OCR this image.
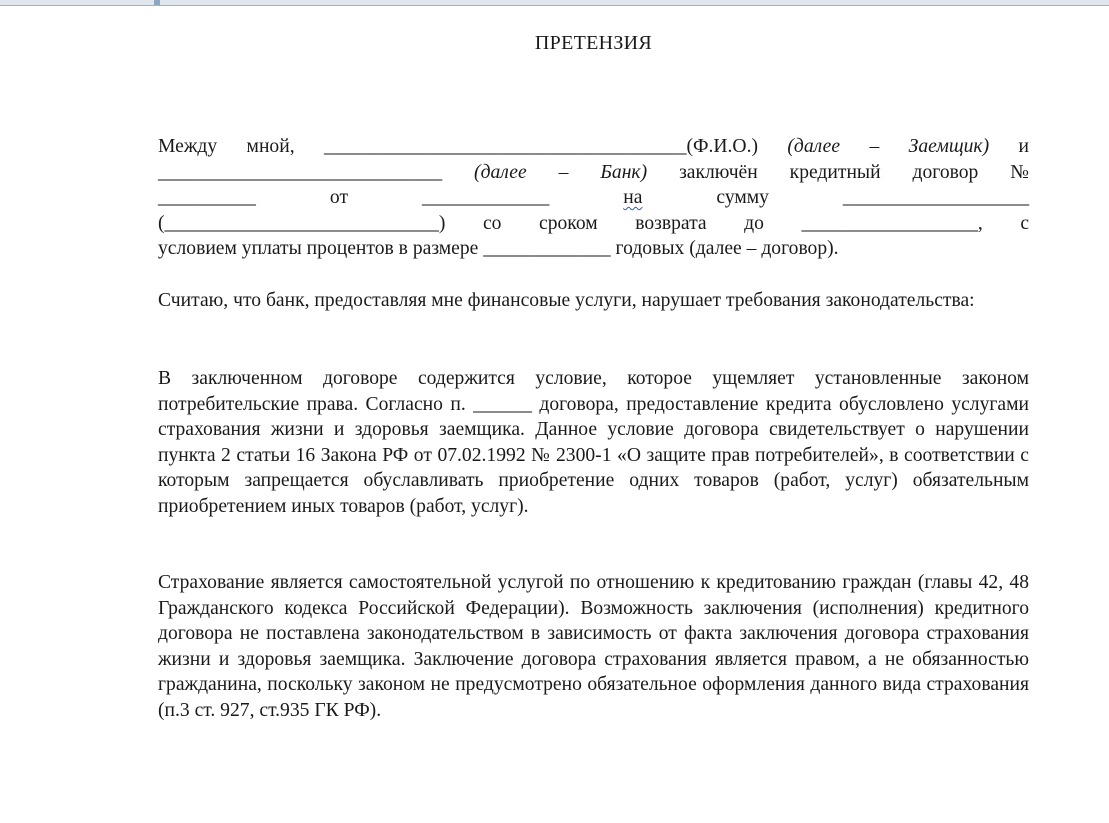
ПРЕТЕНЗИЯ
Между мной, _____________________________________(Ф.И.О.) (далее – Заемщик) и
_____________________________ (далее – Банк) заключён кредитный договор №
__________	от	_____________	на	сумму	___________________
(____________________________) со сроком возврата до __________________, с
условием уплаты процентов в размере _____________ годовых (далее – договор).

Считаю, что банк, предоставляя мне финансовые услуги, нарушает требования законодательства:

В заключенном договоре содержится условие, которое ущемляет установленные законом потребительские права. Согласно п. ______ договора, предоставление кредита обусловлено услугами страхования жизни и здоровья заемщика. Данное условие договора свидетельствует о нарушении пункта 2 статьи 16 Закона РФ от 07.02.1992 № 2300-1 «О защите прав потребителей», в соответствии с которым запрещается обуславливать приобретение одних товаров (работ, услуг) обязательным приобретением иных товаров (работ, услуг).

Страхование является самостоятельной услугой по отношению к кредитованию граждан (главы 42, 48 Гражданского кодекса Российской Федерации). Возможность заключения (исполнения) кредитного договора не поставлена законодательством в зависимость от факта заключения договора страхования жизни и здоровья заемщика. Заключение договора страхования является правом, а не обязанностью гражданина, поскольку законом не предусмотрено обязательное оформления данного вида страхования (п.3 ст. 927, ст.935 ГК РФ).
